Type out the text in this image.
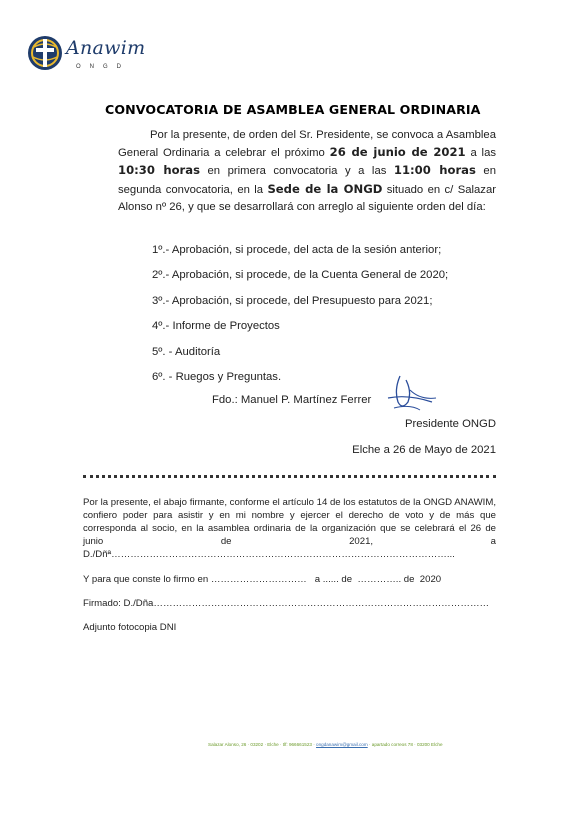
Anawim
ONGD
CONVOCATORIA DE ASAMBLEA GENERAL ORDINARIA

Por la presente, de orden del Sr. Presidente, se convoca a Asamblea General Ordinaria a celebrar el próximo 26 de junio de 2021 a las 10:30 horas en primera convocatoria y a las 11:00 horas en segunda convocatoria, en la Sede de la ONGD situado en c/ Salazar Alonso nº 26, y que se desarrollará con arreglo al siguiente orden del día:

1º.- Aprobación, si procede, del acta de la sesión anterior;
2º.- Aprobación, si procede, de la Cuenta General de 2020;
3º.- Aprobación, si procede, del Presupuesto para 2021;
4º.- Informe de Proyectos
5º. - Auditoría
6º. - Ruegos y Preguntas.
Fdo.: Manuel P. Martínez Ferrer
Presidente ONGD
Elche a 26 de Mayo de 2021
Por la presente, el abajo firmante, conforme el artículo 14 de los estatutos de la ONGD ANAWIM, confiero poder para asistir y en mi nombre y ejercer el derecho de voto y de más que corresponda al socio, en la asamblea ordinaria de la organización que se celebrará el 26 de junio de 2021, a D./Dñª……………………………………………………………………………………………...
Y para que conste lo firmo en …………………………   a ...... de  ………….. de  2020
Firmado: D./Dña……………………………………………………………………………………………
Adjunto fotocopia DNI
Salazar Alonso, 26 · 03202 · Elche · tlf: 966661523 · ongdanawim@gmail.com · apartado correos 78 · 03200 Elche
